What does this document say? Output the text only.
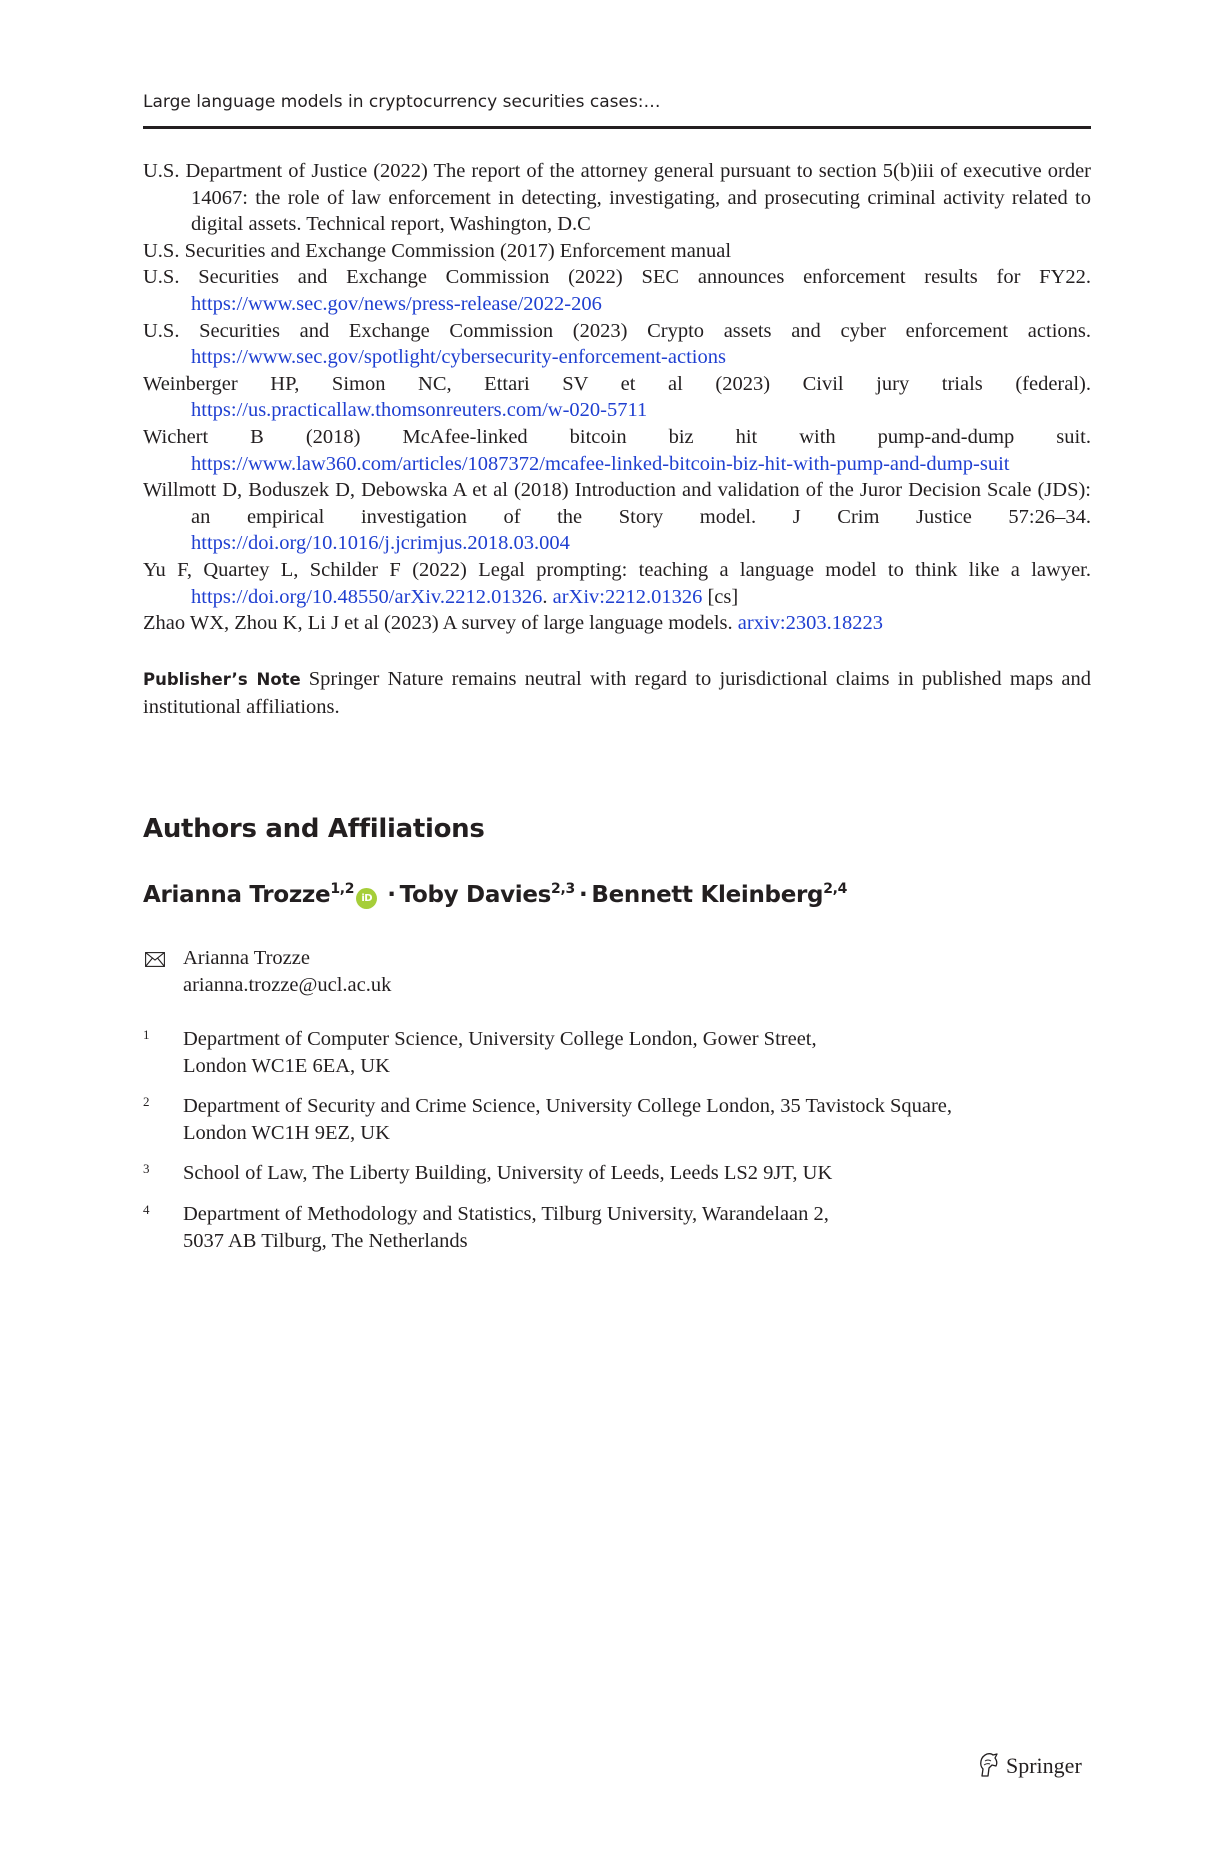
Large language models in cryptocurrency securities cases:…

U.S. Department of Justice (2022) The report of the attorney general pursuant to section 5(b)iii of executive order 14067: the role of law enforcement in detecting, investigating, and prosecuting criminal activity related to digital assets. Technical report, Washington, D.C

U.S. Securities and Exchange Commission (2017) Enforcement manual

U.S. Securities and Exchange Commission (2022) SEC announces enforcement results for FY22. https://www.sec.gov/news/press-release/2022-206

U.S. Securities and Exchange Commission (2023) Crypto assets and cyber enforcement actions. https://www.sec.gov/spotlight/cybersecurity-enforcement-actions

Weinberger HP, Simon NC, Ettari SV et al (2023) Civil jury trials (federal). https://us.practicallaw.thomsonreuters.com/w-020-5711

Wichert B (2018) McAfee-linked bitcoin biz hit with pump-and-dump suit. https://www.law360.com/articles/1087372/mcafee-linked-bitcoin-biz-hit-with-pump-and-dump-suit

Willmott D, Boduszek D, Debowska A et al (2018) Introduction and validation of the Juror Decision Scale (JDS): an empirical investigation of the Story model. J Crim Justice 57:26–34. https://doi.org/10.1016/j.jcrimjus.2018.03.004

Yu F, Quartey L, Schilder F (2022) Legal prompting: teaching a language model to think like a lawyer. https://doi.org/10.48550/arXiv.2212.01326. arXiv:2212.01326 [cs]

Zhao WX, Zhou K, Li J et al (2023) A survey of large language models. arxiv:2303.18223

Publisher’s Note Springer Nature remains neutral with regard to jurisdictional claims in published maps and institutional affiliations.
Authors and Affiliations
Arianna Trozze$^{1,2}$iD · Toby Davies$^{2,3}$ · Bennett Kleinberg$^{2,4}$
Arianna Trozze
arianna.trozze@ucl.ac.uk
1 Department of Computer Science, University College London, Gower Street,
London WC1E 6EA, UK
2 Department of Security and Crime Science, University College London, 35 Tavistock Square,
London WC1H 9EZ, UK
3 School of Law, The Liberty Building, University of Leeds, Leeds LS2 9JT, UK
4 Department of Methodology and Statistics, Tilburg University, Warandelaan 2,
5037 AB Tilburg, The Netherlands
Springer
